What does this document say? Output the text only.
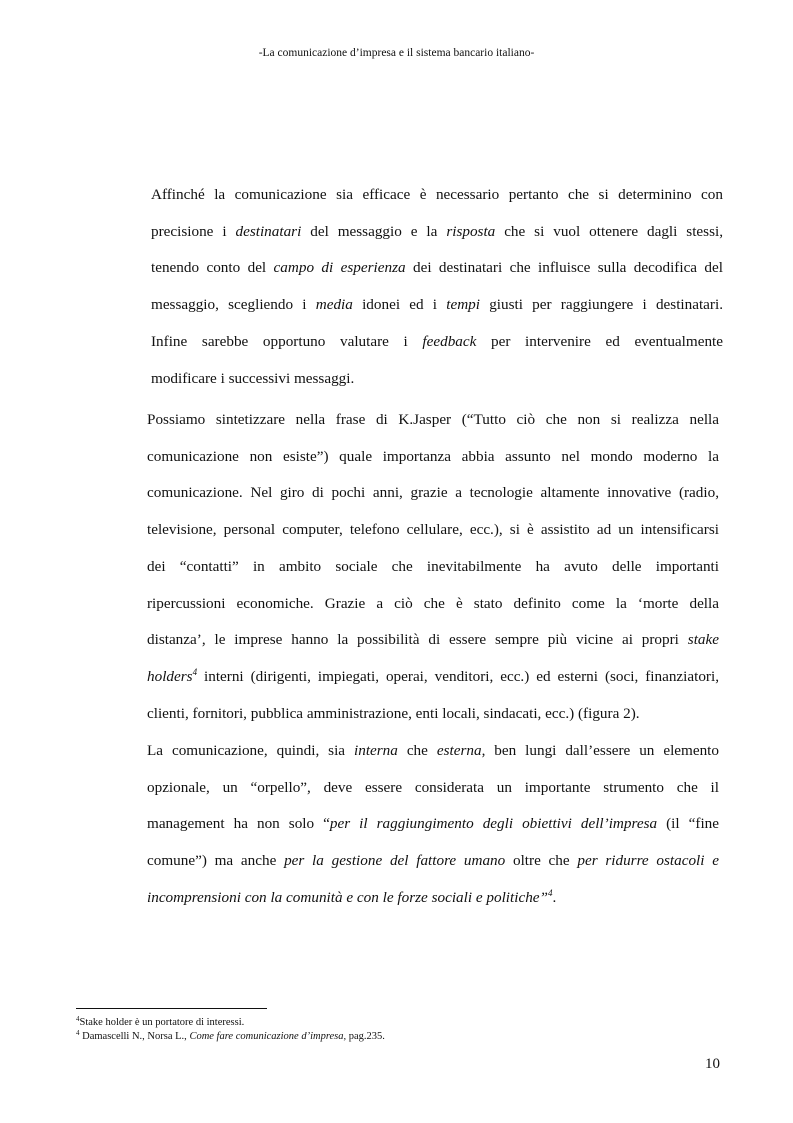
-La comunicazione d’impresa e il sistema bancario italiano-
Affinché la comunicazione sia efficace è necessario pertanto che si determinino con
precisione i destinatari del messaggio e la risposta che si vuol ottenere dagli stessi,
tenendo conto del campo di esperienza dei destinatari che influisce sulla decodifica del
messaggio, scegliendo i media idonei ed i tempi giusti per raggiungere i destinatari.
Infine sarebbe opportuno valutare i feedback per intervenire ed eventualmente
modificare i successivi messaggi.
Possiamo sintetizzare nella frase di K.Jasper (“Tutto ciò che non si realizza nella
comunicazione non esiste”) quale importanza abbia assunto nel mondo moderno la
comunicazione. Nel giro di pochi anni, grazie a tecnologie altamente innovative (radio,
televisione, personal computer, telefono cellulare, ecc.), si è assistito ad un intensificarsi
dei “contatti” in ambito sociale che inevitabilmente ha avuto delle importanti
ripercussioni economiche. Grazie a ciò che è stato definito come la ‘morte della
distanza’, le imprese hanno la possibilità di essere sempre più vicine ai propri stake
holders$^4$ interni (dirigenti, impiegati, operai, venditori, ecc.) ed esterni (soci, finanziatori,
clienti, fornitori, pubblica amministrazione, enti locali, sindacati, ecc.) (figura 2).
La comunicazione, quindi, sia interna che esterna, ben lungi dall’essere un elemento
opzionale, un “orpello”, deve essere considerata un importante strumento che il
management ha non solo “per il raggiungimento degli obiettivi dell’impresa (il “fine
comune”) ma anche per la gestione del fattore umano oltre che per ridurre ostacoli e
incomprensioni con la comunità e con le forze sociali e politiche”$^4$.
$^4$Stake holder è un portatore di interessi.
$^4$ Damascelli N., Norsa L., Come fare comunicazione d’impresa, pag.235.
10
